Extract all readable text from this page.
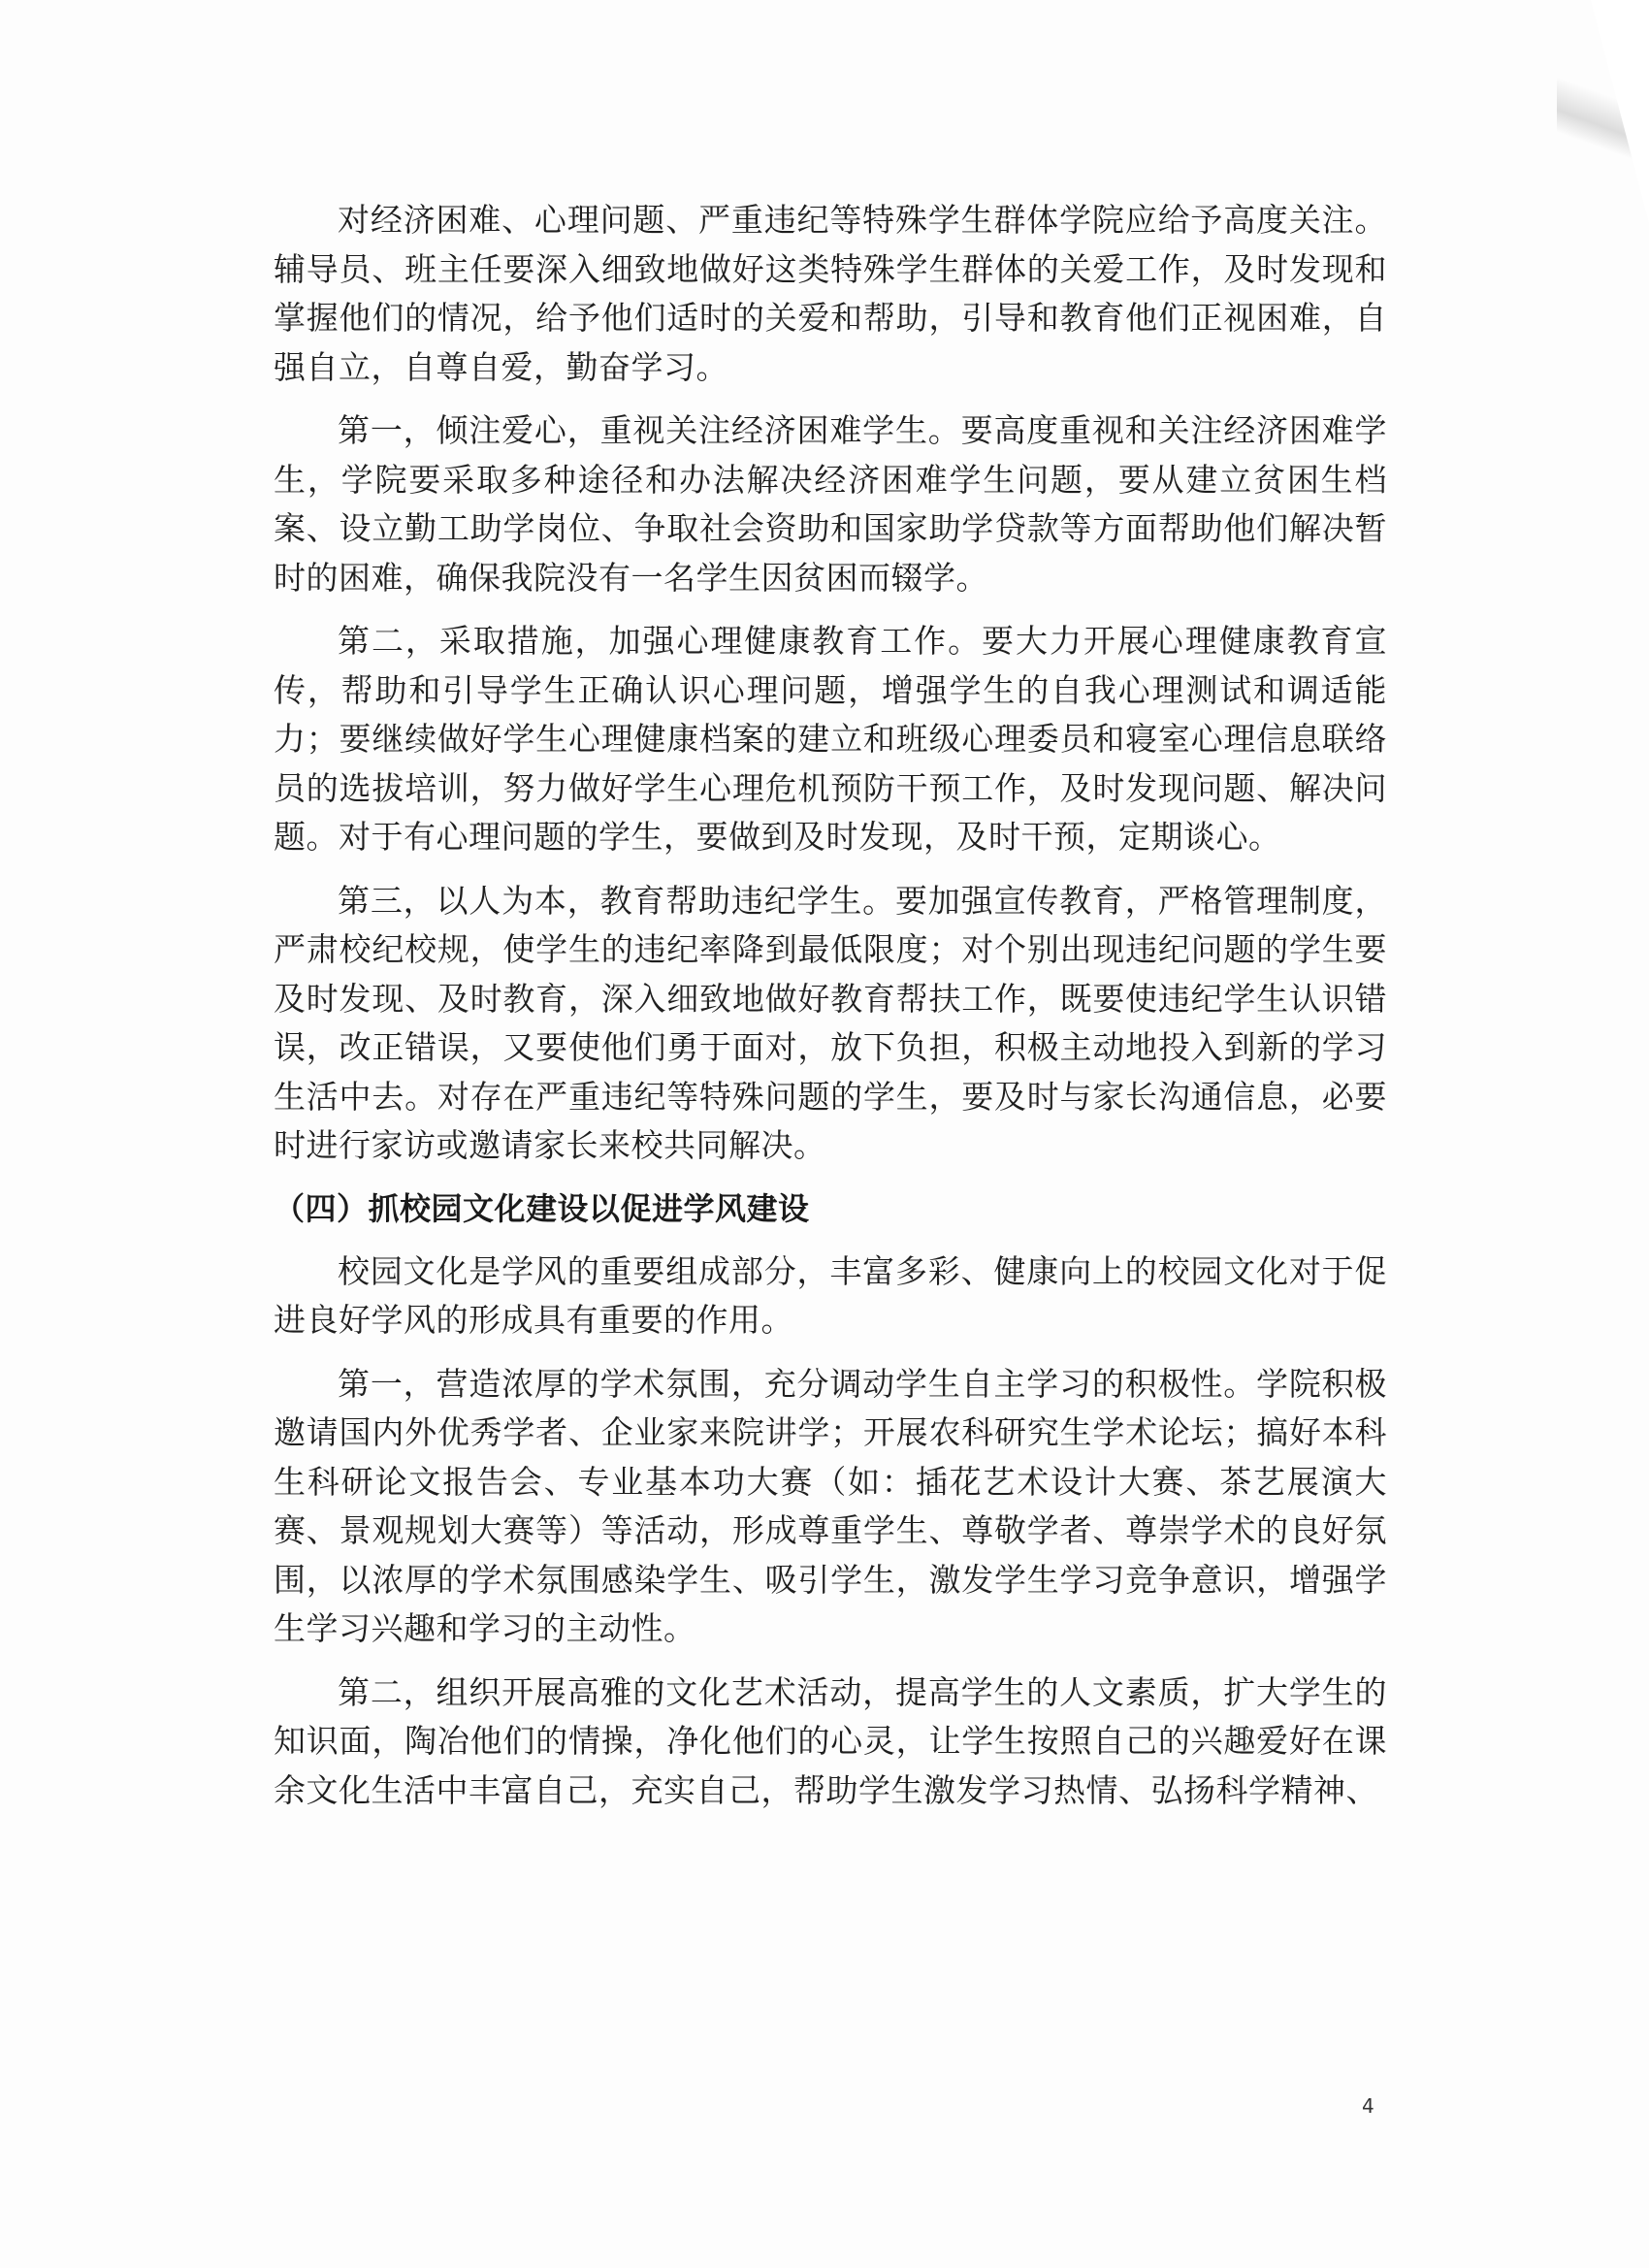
对经济困难、心理问题、严重违纪等特殊学生群体学院应给予高度关注。辅导员、班主任要深入细致地做好这类特殊学生群体的关爱工作，及时发现和掌握他们的情况，给予他们适时的关爱和帮助，引导和教育他们正视困难，自强自立，自尊自爱，勤奋学习。

第一，倾注爱心，重视关注经济困难学生。要高度重视和关注经济困难学生，学院要采取多种途径和办法解决经济困难学生问题，要从建立贫困生档案、设立勤工助学岗位、争取社会资助和国家助学贷款等方面帮助他们解决暂时的困难，确保我院没有一名学生因贫困而辍学。

第二，采取措施，加强心理健康教育工作。要大力开展心理健康教育宣传，帮助和引导学生正确认识心理问题，增强学生的自我心理测试和调适能力；要继续做好学生心理健康档案的建立和班级心理委员和寝室心理信息联络员的选拔培训，努力做好学生心理危机预防干预工作，及时发现问题、解决问题。对于有心理问题的学生，要做到及时发现，及时干预，定期谈心。

第三，以人为本，教育帮助违纪学生。要加强宣传教育，严格管理制度，严肃校纪校规，使学生的违纪率降到最低限度；对个别出现违纪问题的学生要及时发现、及时教育，深入细致地做好教育帮扶工作，既要使违纪学生认识错误，改正错误，又要使他们勇于面对，放下负担，积极主动地投入到新的学习生活中去。对存在严重违纪等特殊问题的学生，要及时与家长沟通信息，必要时进行家访或邀请家长来校共同解决。

（四）抓校园文化建设以促进学风建设

校园文化是学风的重要组成部分，丰富多彩、健康向上的校园文化对于促进良好学风的形成具有重要的作用。

第一，营造浓厚的学术氛围，充分调动学生自主学习的积极性。学院积极邀请国内外优秀学者、企业家来院讲学；开展农科研究生学术论坛；搞好本科生科研论文报告会、专业基本功大赛（如：插花艺术设计大赛、茶艺展演大赛、景观规划大赛等）等活动，形成尊重学生、尊敬学者、尊崇学术的良好氛围，以浓厚的学术氛围感染学生、吸引学生，激发学生学习竞争意识，增强学生学习兴趣和学习的主动性。

第二，组织开展高雅的文化艺术活动，提高学生的人文素质，扩大学生的知识面，陶冶他们的情操，净化他们的心灵，让学生按照自己的兴趣爱好在课余文化生活中丰富自己，充实自己，帮助学生激发学习热情、弘扬科学精神、

4
